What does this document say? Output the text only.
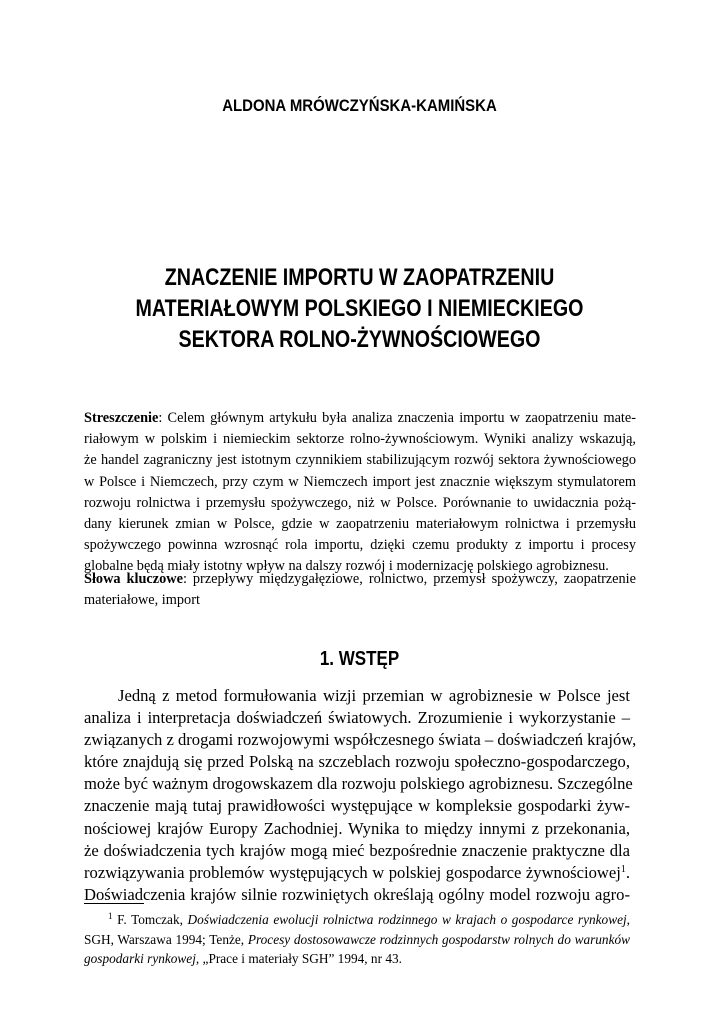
ALDONA MRÓWCZYŃSKA-KAMIŃSKA
ZNACZENIE IMPORTU W ZAOPATRZENIU
MATERIAŁOWYM POLSKIEGO I NIEMIECKIEGO
SEKTORA ROLNO-ŻYWNOŚCIOWEGO
Streszczenie: Celem głównym artykułu była analiza znaczenia importu w zaopatrzeniu mate-
riałowym w polskim i niemieckim sektorze rolno-żywnościowym. Wyniki analizy wskazują,
że handel zagraniczny jest istotnym czynnikiem stabilizującym rozwój sektora żywnościowego
w Polsce i Niemczech, przy czym w Niemczech import jest znacznie większym stymulatorem
rozwoju rolnictwa i przemysłu spożywczego, niż w Polsce. Porównanie to uwidacznia pożą-
dany kierunek zmian w Polsce, gdzie w zaopatrzeniu materiałowym rolnictwa i przemysłu
spożywczego powinna wzrosnąć rola importu, dzięki czemu produkty z importu i procesy
globalne będą miały istotny wpływ na dalszy rozwój i modernizację polskiego agrobiznesu.
Słowa kluczowe: przepływy międzygałęziowe, rolnictwo, przemysł spożywczy, zaopatrzenie
materiałowe, import
1. WSTĘP
Jedną z metod formułowania wizji przemian w agrobiznesie w Polsce jest
analiza i interpretacja doświadczeń światowych. Zrozumienie i wykorzystanie –
związanych z drogami rozwojowymi współczesnego świata – doświadczeń krajów,
które znajdują się przed Polską na szczeblach rozwoju społeczno-gospodarczego,
może być ważnym drogowskazem dla rozwoju polskiego agrobiznesu. Szczególne
znaczenie mają tutaj prawidłowości występujące w kompleksie gospodarki żyw-
nościowej krajów Europy Zachodniej. Wynika to między innymi z przekonania,
że doświadczenia tych krajów mogą mieć bezpośrednie znaczenie praktyczne dla
rozwiązywania problemów występujących w polskiej gospodarce żywnościowej$^1$.
Doświadczenia krajów silnie rozwiniętych określają ogólny model rozwoju agro-
$^1$ F. Tomczak, Doświadczenia ewolucji rolnictwa rodzinnego w krajach o gospodarce rynkowej,
SGH, Warszawa 1994; Tenże, Procesy dostosowawcze rodzinnych gospodarstw rolnych do warunków
gospodarki rynkowej, „Prace i materiały SGH” 1994, nr 43.
